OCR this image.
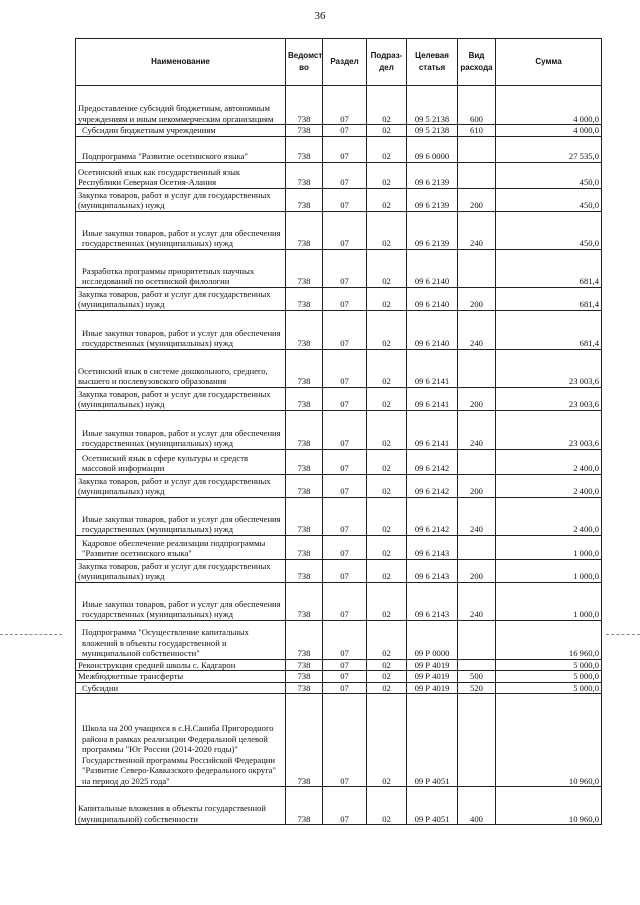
36
Наименование	Ведомст во	Раздел	Подраз- дел	Целевая статья	Вид расхода	Сумма
Предоставление субсидий бюджетным, автономным учреждениям и иным некоммерческим организациям	738	07	02	09 5 2138	600	4 000,0
Субсидии бюджетным учреждениям	738	07	02	09 5 2138	610	4 000,0
Подпрограмма "Развитие осетинского языка"	738	07	02	09 6 0000		27 535,0
Осетинский язык как государственный язык Республики Северная Осетия-Алания	738	07	02	09 6 2139		450,0
Закупка товаров, работ и услуг для государственных (муниципальных) нужд	738	07	02	09 6 2139	200	450,0
Иные закупки товаров, работ и услуг для обеспечения государственных (муниципальных) нужд	738	07	02	09 6 2139	240	450,0
Разработка программы приоритетных научных исследований по осетинской филологии	738	07	02	09 6 2140		681,4
Закупка товаров, работ и услуг для государственных (муниципальных) нужд	738	07	02	09 6 2140	200	681,4
Иные закупки товаров, работ и услуг для обеспечения государственных (муниципальных) нужд	738	07	02	09 6 2140	240	681,4
Осетинский язык в системе дошкольного, среднего, высшего и послевузовского образования	738	07	02	09 6 2141		23 003,6
Закупка товаров, работ и услуг для государственных (муниципальных) нужд	738	07	02	09 6 2141	200	23 003,6
Иные закупки товаров, работ и услуг для обеспечения государственных (муниципальных) нужд	738	07	02	09 6 2141	240	23 003,6
Осетинский язык в сфере культуры и средств массовой информации	738	07	02	09 6 2142		2 400,0
Закупка товаров, работ и услуг для государственных (муниципальных) нужд	738	07	02	09 6 2142	200	2 400,0
Иные закупки товаров, работ и услуг для обеспечения государственных (муниципальных) нужд	738	07	02	09 6 2142	240	2 400,0
Кадровое обеспечение реализации подпрограммы "Развитие осетинского языка"	738	07	02	09 6 2143		1 000,0
Закупка товаров, работ и услуг для государственных (муниципальных) нужд	738	07	02	09 6 2143	200	1 000,0
Иные закупки товаров, работ и услуг для обеспечения государственных (муниципальных) нужд	738	07	02	09 6 2143	240	1 000,0
Подпрограмма "Осуществление капитальных вложений в объекты государственной и муниципальной собственности"	738	07	02	09 Р 0000		16 960,0
Реконструкция средней школы с. Кадгарон	738	07	02	09 Р 4019		5 000,0
Межбюджетные трансферты	738	07	02	09 Р 4019	500	5 000,0
Субсидии	738	07	02	09 Р 4019	520	5 000,0
Школа на 200 учащихся в с.Н.Саниба Пригородного района в рамках реализации Федеральной целевой программы "Юг России (2014-2020 годы)" Государственной программы Российской Федерации "Развитие Северо-Кавказского федерального округа" на период до 2025 года"	738	07	02	09 Р 4051		10 960,0
Капитальные вложения в объекты государственной (муниципальной) собственности	738	07	02	09 Р 4051	400	10 960,0
